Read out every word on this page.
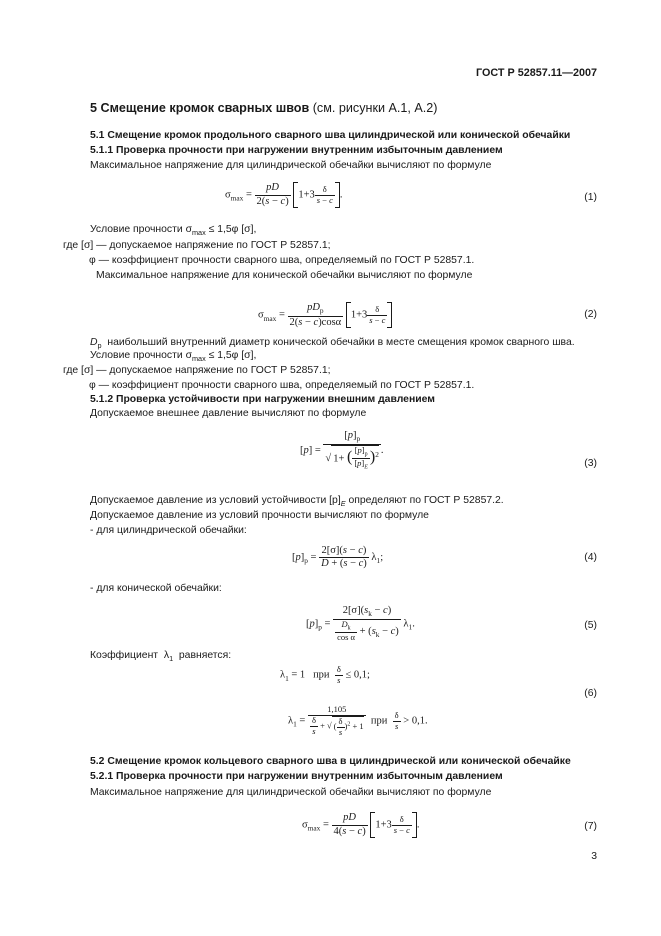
ГОСТ Р 52857.11—2007
5 Смещение кромок сварных швов (см. рисунки А.1, А.2)
5.1 Смещение кромок продольного сварного шва цилиндрической или конической обечайки
5.1.1 Проверка прочности при нагружении внутренним избыточным давлением
Максимальное напряжение для цилиндрической обечайки вычисляют по формуле
$\sigma_{max} = \frac{pD}{2(s - c)} 1+3 \frac{\delta}{s - c}$ .	(1)
Условие прочности $\sigma_{max} \le 1,5\varphi$ [σ],
где [σ] — допускаемое напряжение по ГОСТ Р 52857.1;
φ — коэффициент прочности сварного шва, определяемый по ГОСТ Р 52857.1.
Максимальное напряжение для конической обечайки вычисляют по формуле
$\sigma_{max}$ =
$pD_p$
2(s − c)cosα
$1+3 \frac{\delta}{s - c}$	(2)
$D_p$ наибольший внутренний диаметр конической обечайки в месте смещения кромок сварного шва.
Условие прочности $\sigma_{max} \le 1,5\varphi$ [σ],
где [σ] — допускаемое напряжение по ГОСТ Р 52857.1;
φ — коэффициент прочности сварного шва, определяемый по ГОСТ Р 52857.1.
5.1.2 Проверка устойчивости при нагружении внешним давлением
Допускаемое внешнее давление вычисляют по формуле
$[p] = \frac{[p]_p}{√ 1+ ( \frac{[p]_p}{[p]_E} )^2}$ .
(3)
Допускаемое давление из условий устойчивости $[p]_E$ определяют по ГОСТ Р 52857.2.
Допускаемое давление из условий прочности вычисляют по формуле
- для цилиндрической обечайки:
$[p]_p = \frac{2[\sigma](s - c)}{D + (s - c)} \lambda_1$;	(4)
- для конической обечайки:
$[p]_p = \frac{2[\sigma](s_k - c)}{\frac{D_k}{\text{cos α}} + (s_k - c)} \lambda_1$.	(5)
Коэффициент  $\lambda_1$ равняется:
$\lambda_1 = 1$   при $\frac{\delta}{s} \le 0,1$;
(6)
$\lambda_1 = \frac{1,105}{\frac{\delta}{s} + √ ( \frac{\delta}{s} )^2 + 1}$ при $\frac{\delta}{s} > 0,1$.
5.2 Смещение кромок кольцевого сварного шва в цилиндрической или конической обечайке
5.2.1 Проверка прочности при нагружении внутренним избыточным давлением
Максимальное напряжение для цилиндрической обечайки вычисляют по формуле
$\sigma_{max} = \frac{pD}{4(s - c)} 1+3 \frac{\delta}{s - c}$ .	(7)
3
